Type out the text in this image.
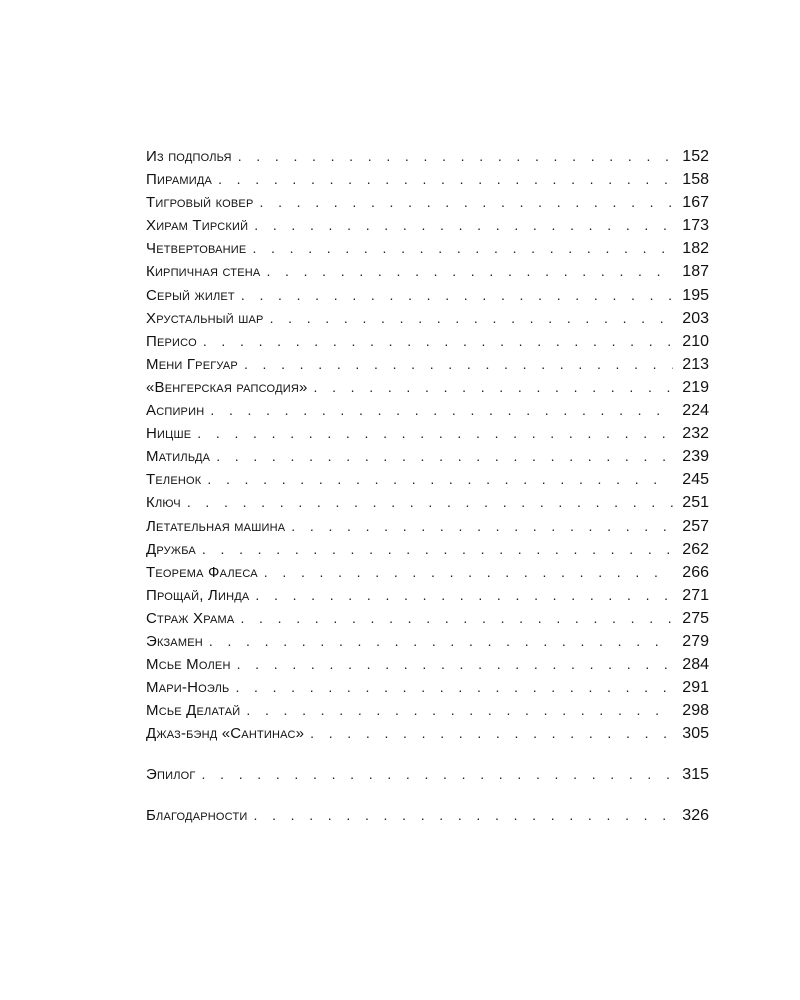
Из подполья . . .	152
Пирамида . . .	158
Тигровый ковер . . .	167
Хирам Тирский . . .	173
Четвертование . . .	182
Кирпичная стена . . .	187
Серый жилет . . .	195
Хрустальный шар . . .	203
Перисо . . .	210
Мени Грегуар . . .	213
«Венгерская рапсодия» . . .	219
Аспирин . . .	224
Ницше . . .	232
Матильда . . .	239
Теленок . . .	245
Ключ . . .	251
Летательная машина . . .	257
Дружба . . .	262
Теорема Фалеса . . .	266
Прощай, Линда . . .	271
Страж Храма . . .	275
Экзамен . . .	279
Мсье Молен . . .	284
Мари-Ноэль . . .	291
Мсье Делатай . . .	298
Джаз-бэнд «Сантинас» . . .	305
Эпилог . . .	315
Благодарности . . .	326
